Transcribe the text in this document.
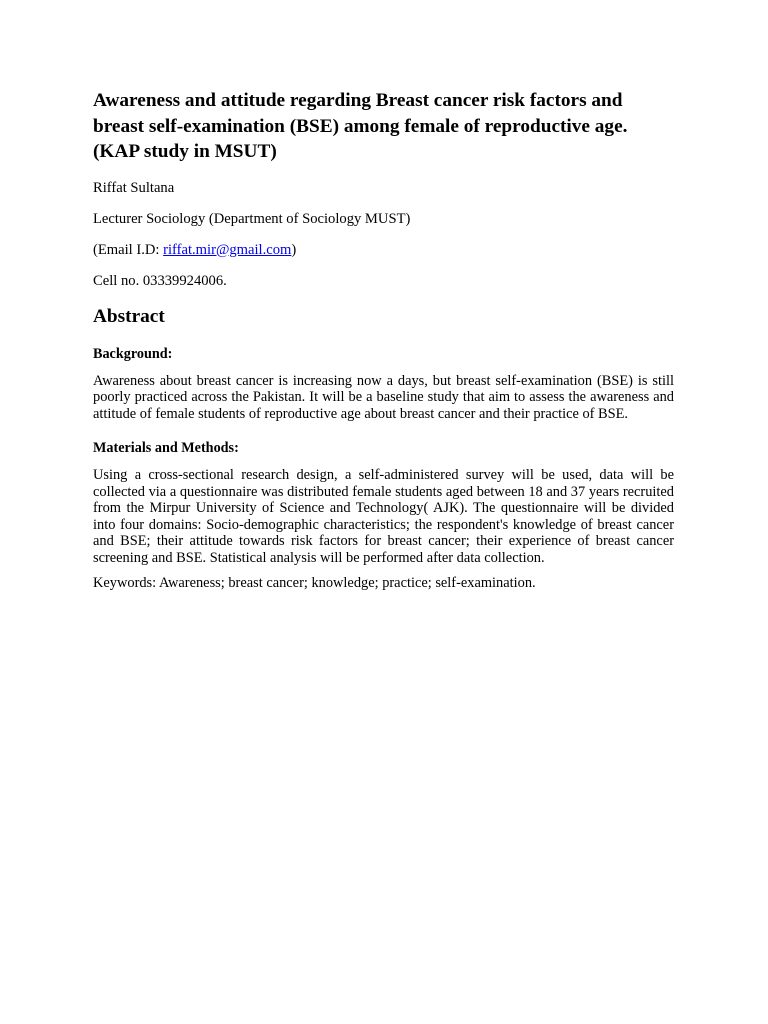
Awareness and attitude regarding Breast cancer risk factors and
breast self-examination (BSE) among female of reproductive age.
(KAP study in MSUT)

Riffat Sultana

Lecturer Sociology (Department of Sociology MUST)

(Email I.D: riffat.mir@gmail.com)

Cell no. 03339924006.

Abstract
Background:

Awareness about breast cancer is increasing now a days, but breast self-examination (BSE) is still poorly practiced across the Pakistan. It will be a baseline study that aim to assess the awareness and attitude of female students of reproductive age about breast cancer and their practice of BSE.

Materials and Methods:

Using a cross-sectional research design, a self-administered survey will be used, data will be collected via a questionnaire was distributed female students aged between 18 and 37 years recruited from the Mirpur University of Science and Technology( AJK). The questionnaire will be divided into four domains: Socio-demographic characteristics; the respondent's knowledge of breast cancer and BSE; their attitude towards risk factors for breast cancer; their experience of breast cancer screening and BSE. Statistical analysis will be performed after data collection.

Keywords: Awareness; breast cancer; knowledge; practice; self-examination.
